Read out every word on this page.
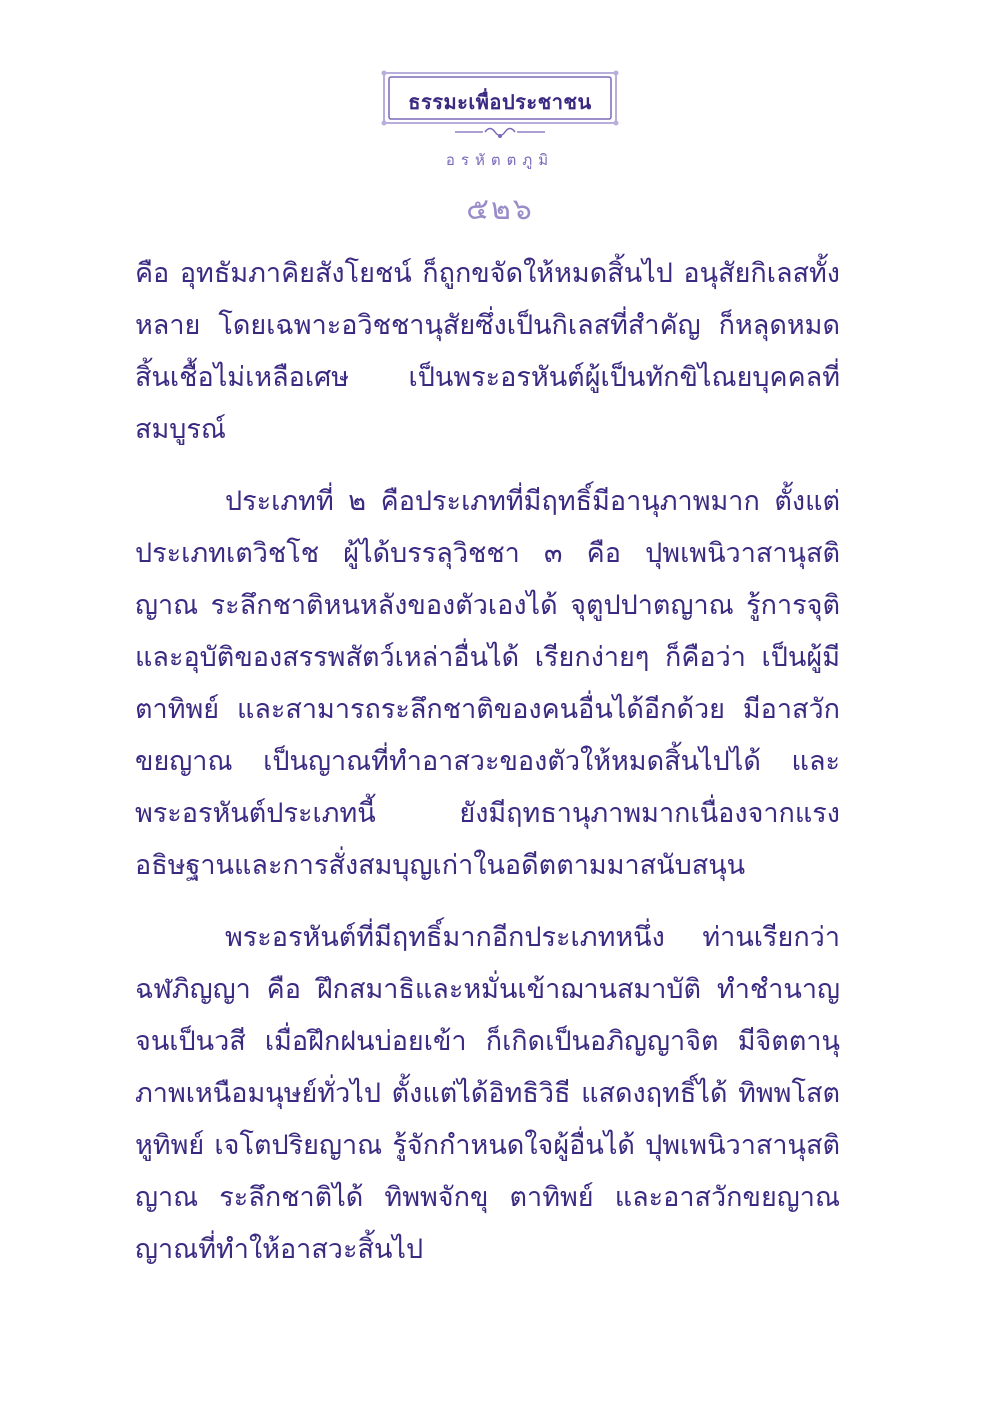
ธรรมะเพื่อประชาชน
อรหัตตภูมิ
๕๒๖

คือ อุทธัมภาคิยสังโยชน์ ก็ถูกขจัดให้หมดสิ้นไป อนุสัยกิเลสทั้งหลาย โดยเฉพาะอวิชชานุสัยซึ่งเป็นกิเลสที่สำคัญ ก็หลุดหมดสิ้นเชื้อไม่เหลือเศษ เป็นพระอรหันต์ผู้เป็นทักขิไณยบุคคลที่สมบูรณ์

ประเภทที่ ๒ คือประเภทที่มีฤทธิ์มีอานุภาพมาก ตั้งแต่ประเภทเตวิชโช ผู้ได้บรรลุวิชชา ๓ คือ ปุพเพนิวาสานุสติญาณ ระลึกชาติหนหลังของตัวเองได้ จุตูปปาตญาณ รู้การจุติและอุบัติของสรรพสัตว์เหล่าอื่นได้ เรียกง่ายๆ ก็คือว่า เป็นผู้มีตาทิพย์ และสามารถระลึกชาติของคนอื่นได้อีกด้วย มีอาสวักขยญาณ เป็นญาณที่ทำอาสวะของตัวให้หมดสิ้นไปได้ และพระอรหันต์ประเภทนี้ ยังมีฤทธานุภาพมากเนื่องจากแรงอธิษฐานและการสั่งสมบุญเก่าในอดีตตามมาสนับสนุน

พระอรหันต์ที่มีฤทธิ์มากอีกประเภทหนึ่ง ท่านเรียกว่า ฉฬภิญญา คือ ฝึกสมาธิและหมั่นเข้าฌานสมาบัติ ทำชำนาญจนเป็นวสี เมื่อฝึกฝนบ่อยเข้า ก็เกิดเป็นอภิญญาจิต มีจิตตานุภาพเหนือมนุษย์ทั่วไป ตั้งแต่ได้อิทธิวิธี แสดงฤทธิ์ได้ ทิพพโสต หูทิพย์ เจโตปริยญาณ รู้จักกำหนดใจผู้อื่นได้ ปุพเพนิวาสานุสติญาณ ระลึกชาติได้ ทิพพจักขุ ตาทิพย์ และอาสวักขยญาณ ญาณที่ทำให้อาสวะสิ้นไป
